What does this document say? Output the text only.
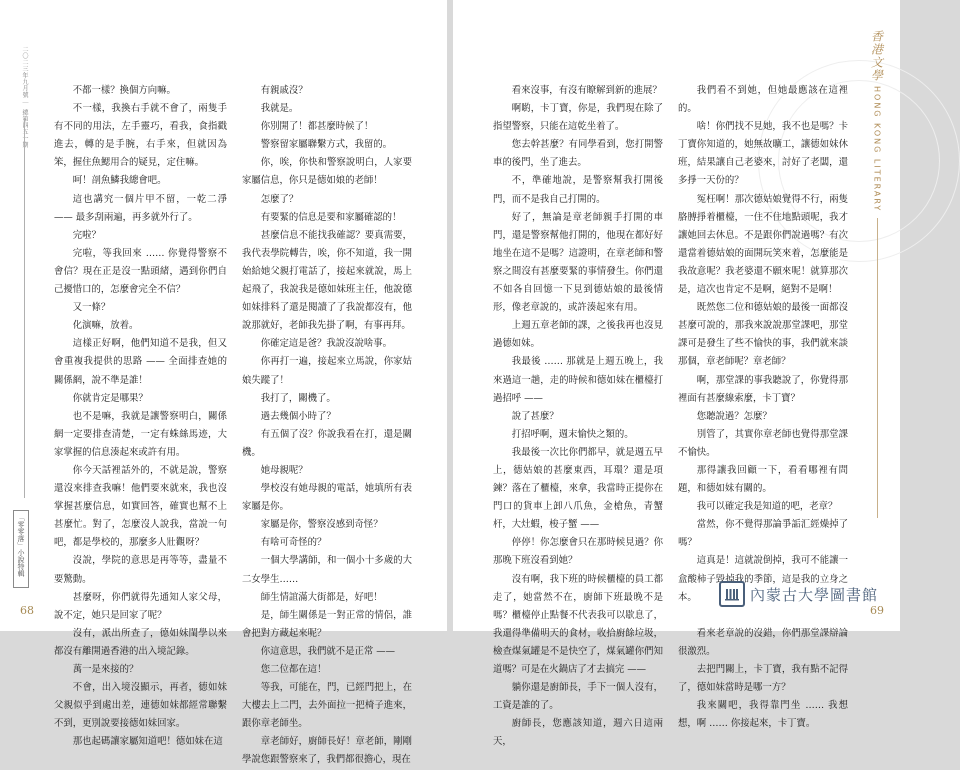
二〇二三年九月號 ｜ 總第四五一期	不都一樣？換個方向嘛。

不一樣，我換右手就不會了，兩隻手有不同的用法，左手靈巧，看我，食指戳進去，轉的是手腕，右手來，但就因為笨，握住魚鰓用合的疑見，定住嘛。

呵！剖魚鱗我總會吧。

這也講究一個片甲不留，一乾二淨 —— 最多刮兩遍，再多就外行了。

完啦？

完啦，等我回來 …… 你覺得警察不會信？現在正是沒一點頭緒，遇到你們自己擾惜口的，怎麼會完全不信？

又一條？

化演嘛，放着。

這樣正好啊，他們知道不是我，但又會重複我提供的思路 —— 全面排查她的關係網，說不準是誰！

你就肯定是哪果？

也不是嘛，我就是讓警察明白，關係網一定要排查清楚，一定有蛛絲馬迹，大家掌握的信息湊起來或許有用。

你今天話裡話外的，不就是說，警察還沒來排查我嘛！他們要來就來，我也沒掌握甚麼信息，如實回答，確實也幫不上甚麼忙。對了，怎麼沒人說我，當說一句吧，都是學校的，那麼多人壯觀呀？

沒說，學院的意思是再等等，盡量不要驚動。

甚麼呀，你們就得先通知人家父母，說不定，她只是回家了呢？

沒有，派出所查了，德如妹閨學以來都沒有離開過香港的出入境記錄。

萬一是來接的？

不會，出入境沒顯示，再者，德如妹父親似乎到處出差，連德如妹都經常聯繫不到，更別說要接德如妹回家。

那也起碼讓家屬知道吧！德如妹在這

有親戚沒？

我就是。

你別開了！都甚麼時候了！

警察留家屬聯繫方式，我留的。

你，唉，你快和警察說明白，人家要家屬信息，你只是德如娘的老師！

怎麼了？

有要緊的信息是要和家屬確認的！

甚麼信息不能找我確認？要真需要，我代表學院轉告，唉，你不知道，我一開始給她父親打電話了，接起來就說，馬上起飛了，我說我是德如妹班主任，他說德如妹排料了還是閱讀了了我說都沒有，他說那就好，老師我先掛了啊，有事再拜。

你確定這是爸？我說沒說啥事。

你再打一遍，接起來立馬說，你家姑娘失蹤了！

我打了，關機了。

過去幾個小時了？

有五個了沒？你說我看在打，還是關機。

她母親呢？

學校沒有她母親的電話，她填所有表家屬是你。

家屬是你，警察沒感到奇怪？

有啥可奇怪的？

一個大學講師，和一個小十多歲的大二女學生……

師生情誼滿大街都是，好吧！

是，師生關係是一對正常的情侶，誰會把對方藏起來呢？

你這意思，我們就不是正常 ——

您二位都在這！

等我，可能在，門，已經門把上，在大樓去上二門，去外面拉一把椅子進來，跟你章老師坐。

章老師好，廚師長好！章老師，剛剛學說您跟警察來了，我們都很擔心，現在

「零零落」小說特輯
68

看來沒事，有沒有瞭解到新的進展？

啊喲，卡丁寶，你是，我們現在除了指望警察，只能在這乾坐着了。

您去幹甚麼？有同學看到，您打開警車的後門，坐了進去。

不，準確地說，是警察幫我打開後門，而不是我自己打開的。

好了，無論是章老師親手打開的車門，還是警察幫他打開的，他現在都好好地坐在這不是嗎？這證明，在章老師和警察之間沒有甚麼要緊的事情發生。你們還不如各自回憶一下見到德姑娘的最後情形，像老章說的，或許湊起來有用。

上週五章老師的課，之後我再也沒見過德如妹。

我最後 …… 那就是上週五晚上，我來過這一趟，走的時候和德如妹在櫃檯打過招呼 ——

說了甚麼？

打招呼啊，週末愉快之類的。

我最後一次比你們都早，就是週五早上，德姑娘的甚麼東西，耳環？還是項鍊？落在了櫃檯，來拿，我當時正提你在門口的貨車上卸八爪魚，金槍魚，青蟹杆，大灶蝦，梭子蟹 ——

停停！你怎麼會只在那時候見過？你那晚下班沒看到她？

沒有啊，我下班的時候櫃檯的員工都走了，她當然不在，廚師下班最晚不是嗎？櫃檯停止點餐不代表我可以歇息了，我還得準備明天的食材，收拾廚餘垃圾，檢查煤氣罐是不是快空了，煤氣罐你們知道嗎？可是在火鍋店了才去搞完 ——

躺你還是廚師長，手下一個人沒有，工資是誰的了。

廚師長，您應該知道，週六日這兩天，

我們看不到她，但她最應該在這裡的。

啥！你們找不見她，我不也是嗎？卡丁寶你知道的，她無故曠工，讓德如妹休班，結果讓自己老婆來，討好了老闆，還多掙一天份的？

冤枉啊！那次德姑娘覺得不行，兩隻胳膊掙着櫃檯，一住不住地點頭呢，我才讓她回去休息。不是跟你們說過嗎？有次還當着德姑娘的面開玩笑來着，怎麼能是我故意呢？我老婆還不願來呢！就算那次是，這次也肯定不是啊，絕對不是啊！

既然您二位和德姑娘的最後一面都沒甚麼可說的，那我來說說那堂課吧，那堂課可是發生了些不愉快的事，我們就來談那個，章老師呢？章老師？

啊，那堂課的事我聽說了，你覺得那裡面有甚麼線索麼，卡丁寶？

您聽說過？怎麼？

別管了，其實你章老師也覺得那堂課不愉快。

那得讓我回顧一下，看看哪裡有問題，和德如妹有關的。

我可以確定我是知道的吧，老章？

當然，你不覺得那論爭詬汇經燥掉了嗎？

這真是！這就說倒掉，我可不能讓一盒酸柿子毀掉我的季節，這是我的立身之本。

看來老章說的沒錯，你們那堂課辯論很激烈。

去把門關上，卡丁寶，我有點不記得了，德如妹當時是哪一方？

我來關吧，我得靠門坐 …… 我想想，啊 …… 你接起來，卡丁寶。

香港文學
HONG KONG LITERARY
69
內蒙古大學圖書館
